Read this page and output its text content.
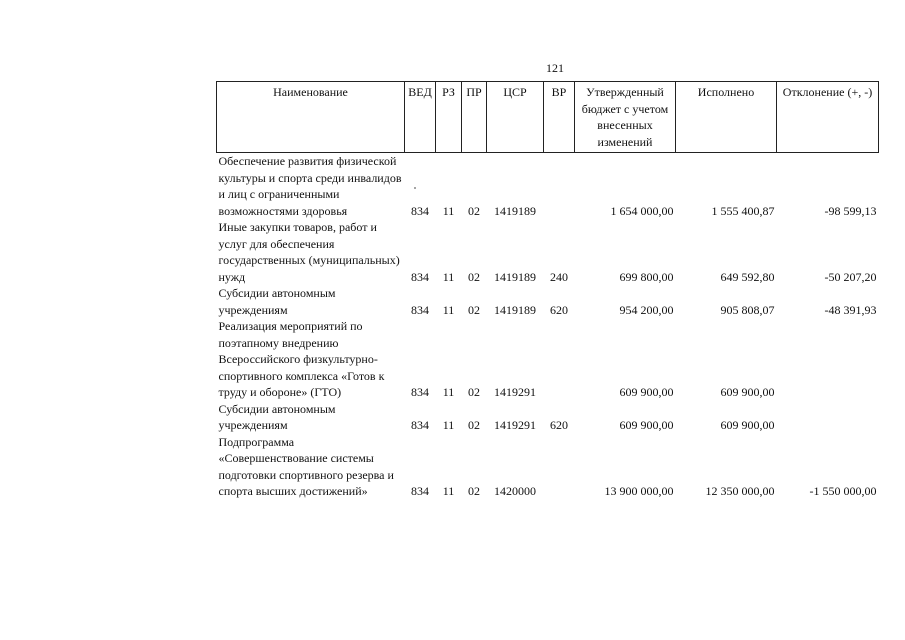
121
Наименование	ВЕД	РЗ	ПР	ЦСР	ВР	Утвержденный бюджет с учетом внесенных изменений	Исполнено	Отклонение (+, -)
Обеспечение развития физической культуры и спорта среди инвалидов и лиц с ограниченными возможностями здоровья	834	11	02	1419189		1 654 000,00	1 555 400,87	-98 599,13
Иные закупки товаров, работ и услуг для обеспечения государственных (муниципальных) нужд	834	11	02	1419189	240	699 800,00	649 592,80	-50 207,20
Субсидии автономным учреждениям	834	11	02	1419189	620	954 200,00	905 808,07	-48 391,93
Реализация мероприятий по поэтапному внедрению Всероссийского физкультурно-спортивного комплекса «Готов к труду и обороне» (ГТО)	834	11	02	1419291		609 900,00	609 900,00	
Субсидии автономным учреждениям	834	11	02	1419291	620	609 900,00	609 900,00	
Подпрограмма «Совершенствование системы подготовки спортивного резерва и спорта высших достижений»	834	11	02	1420000		13 900 000,00	12 350 000,00	-1 550 000,00
